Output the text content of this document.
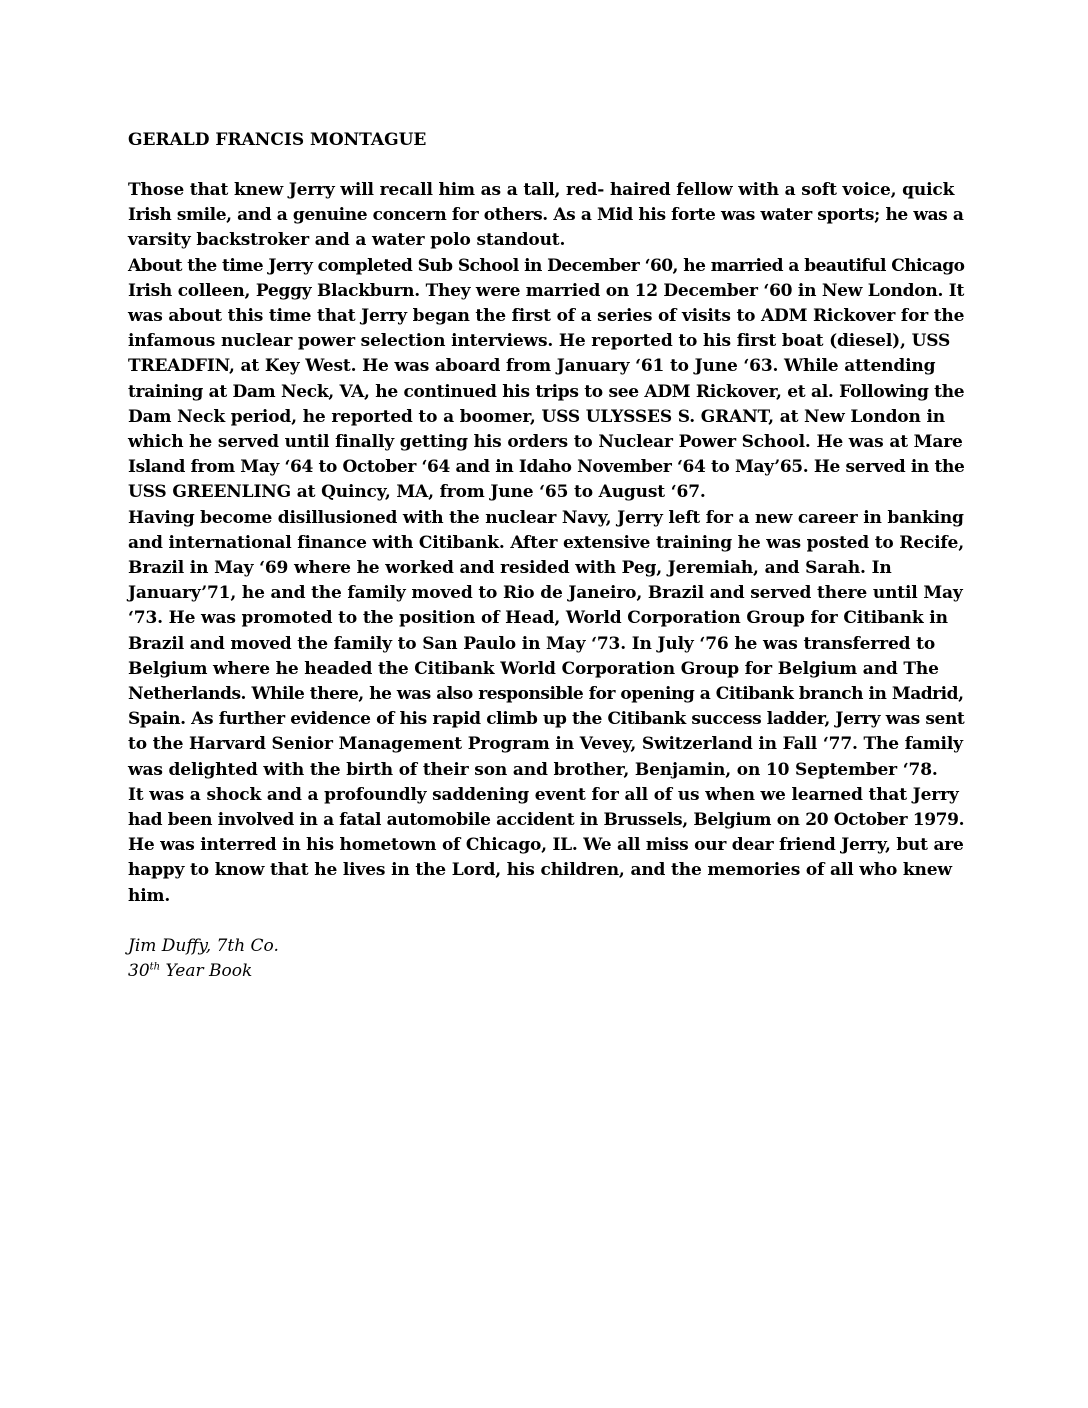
GERALD FRANCIS MONTAGUE
Those that knew Jerry will recall him as a tall, red- haired fellow with a soft voice, quick
Irish smile, and a genuine concern for others. As a Mid his forte was water sports; he was a
varsity backstroker and a water polo standout.
About the time Jerry completed Sub School in December ‘60, he married a beautiful Chicago
Irish colleen, Peggy Blackburn. They were married on 12 December ‘60 in New London. It
was about this time that Jerry began the first of a series of visits to ADM Rickover for the
infamous nuclear power selection interviews. He reported to his first boat (diesel), USS
TREADFIN, at Key West. He was aboard from January ‘61 to June ‘63. While attending
training at Dam Neck, VA, he continued his trips to see ADM Rickover, et al. Following the
Dam Neck period, he reported to a boomer, USS ULYSSES S. GRANT, at New London in
which he served until finally getting his orders to Nuclear Power School. He was at Mare
Island from May ‘64 to October ‘64 and in Idaho November ‘64 to May’65. He served in the
USS GREENLING at Quincy, MA, from June ‘65 to August ‘67.
Having become disillusioned with the nuclear Navy, Jerry left for a new career in banking
and international finance with Citibank. After extensive training he was posted to Recife,
Brazil in May ‘69 where he worked and resided with Peg, Jeremiah, and Sarah. In
January’71, he and the family moved to Rio de Janeiro, Brazil and served there until May
‘73. He was promoted to the position of Head, World Corporation Group for Citibank in
Brazil and moved the family to San Paulo in May ‘73. In July ‘76 he was transferred to
Belgium where he headed the Citibank World Corporation Group for Belgium and The
Netherlands. While there, he was also responsible for opening a Citibank branch in Madrid,
Spain. As further evidence of his rapid climb up the Citibank success ladder, Jerry was sent
to the Harvard Senior Management Program in Vevey, Switzerland in Fall ‘77. The family
was delighted with the birth of their son and brother, Benjamin, on 10 September ‘78.
It was a shock and a profoundly saddening event for all of us when we learned that Jerry
had been involved in a fatal automobile accident in Brussels, Belgium on 20 October 1979.
He was interred in his hometown of Chicago, IL. We all miss our dear friend Jerry, but are
happy to know that he lives in the Lord, his children, and the memories of all who knew
him.
Jim Duffy, 7th Co.
30th Year Book
